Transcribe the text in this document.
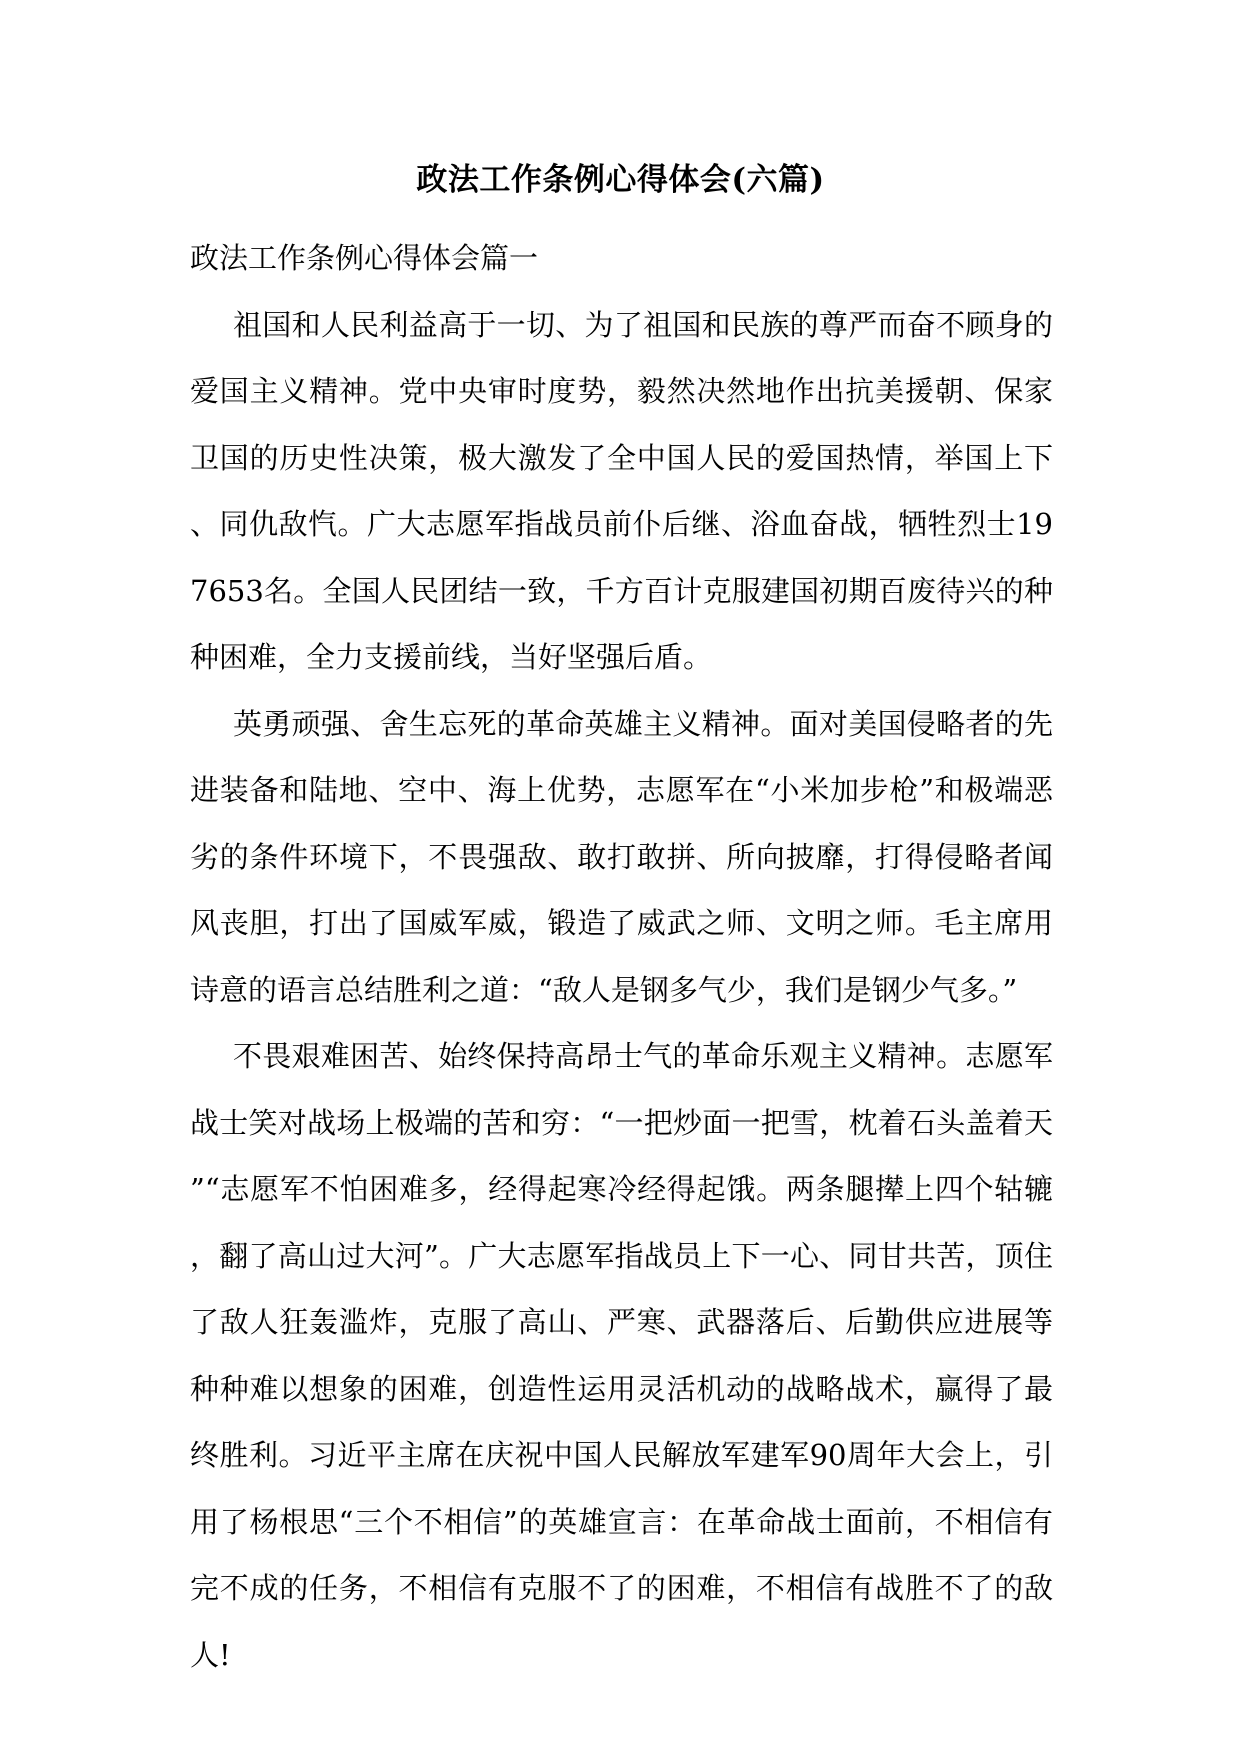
政法工作条例心得体会(六篇)

政法工作条例心得体会篇一

祖国和人民利益高于一切、为了祖国和民族的尊严而奋不顾身的爱国主义精神。党中央审时度势，毅然决然地作出抗美援朝、保家卫国的历史性决策，极大激发了全中国人民的爱国热情，举国上下、同仇敌忾。广大志愿军指战员前仆后继、浴血奋战，牺牲烈士197653名。全国人民团结一致，千方百计克服建国初期百废待兴的种种困难，全力支援前线，当好坚强后盾。

英勇顽强、舍生忘死的革命英雄主义精神。面对美国侵略者的先进装备和陆地、空中、海上优势，志愿军在“小米加步枪”和极端恶劣的条件环境下，不畏强敌、敢打敢拼、所向披靡，打得侵略者闻风丧胆，打出了国威军威，锻造了威武之师、文明之师。毛主席用诗意的语言总结胜利之道：“敌人是钢多气少，我们是钢少气多。”

不畏艰难困苦、始终保持高昂士气的革命乐观主义精神。志愿军战士笑对战场上极端的苦和穷：“一把炒面一把雪，枕着石头盖着天”“志愿军不怕困难多，经得起寒冷经得起饿。两条腿撵上四个轱辘，翻了高山过大河”。广大志愿军指战员上下一心、同甘共苦，顶住了敌人狂轰滥炸，克服了高山、严寒、武器落后、后勤供应进展等种种难以想象的困难，创造性运用灵活机动的战略战术，赢得了最终胜利。习近平主席在庆祝中国人民解放军建军90周年大会上，引用了杨根思“三个不相信”的英雄宣言：在革命战士面前，不相信有完不成的任务，不相信有克服不了的困难，不相信有战胜不了的敌人!
